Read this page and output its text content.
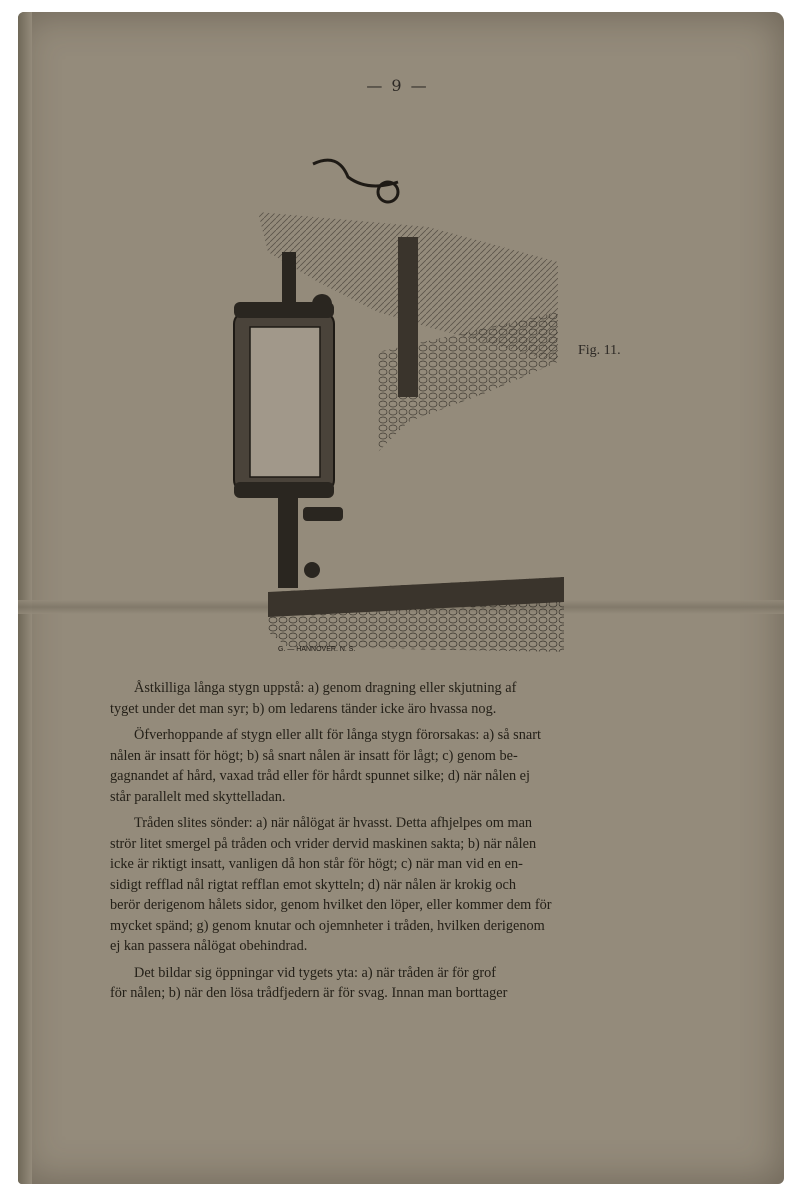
— 9 —
G. — HANNOVER. N. S.
Fig. 11.

Åstkilliga långa stygn uppstå: a) genom dragning eller skjutning af
tyget under det man syr; b) om ledarens tänder icke äro hvassa nog.

Öfverhoppande af stygn eller allt för långa stygn förorsakas: a) så snart
nålen är insatt för högt; b) så snart nålen är insatt för lågt; c) genom be-
gagnandet af hård, vaxad tråd eller för hårdt spunnet silke; d) när nålen ej
står parallelt med skyttelladan.

Tråden slites sönder: a) när nålögat är hvasst. Detta afhjelpes om man
strör litet smergel på tråden och vrider dervid maskinen sakta; b) när nålen
icke är riktigt insatt, vanligen då hon står för högt; c) när man vid en en-
sidigt refflad nål rigtat refflan emot skytteln; d) när nålen är krokig och
berör derigenom hålets sidor, genom hvilket den löper, eller kommer dem för
mycket spänd; g) genom knutar och ojemnheter i tråden, hvilken derigenom
ej kan passera nålögat obehindrad.

Det bildar sig öppningar vid tygets yta: a) när tråden är för grof
för nålen; b) när den lösa trådfjedern är för svag. Innan man borttager
